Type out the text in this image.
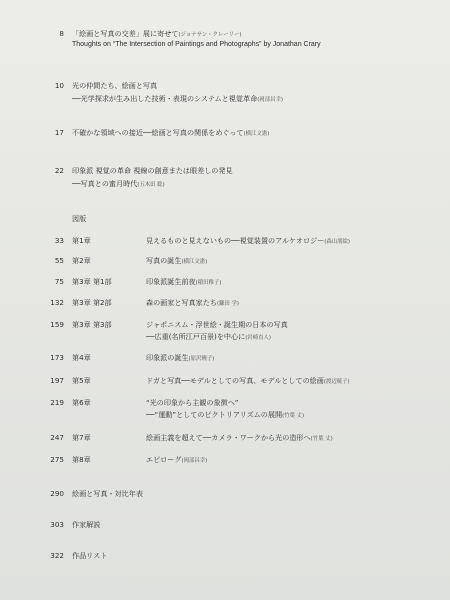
8 「絵画と写真の交差」展に寄せて(ジョナサン・クレーリー)
Thoughts on “The Intersection of Paintings and Photographs” by Jonathan Crary
10 光の仲間たち、絵画と写真
──光学探求が生み出した技術・表現のシステムと視覚革命(岡部昌幸)
17 不確かな領域への接近──絵画と写真の関係をめぐって(横江文憲)
22 印象派 視覚の革命 視線の創意または眼差しの発見
──写真との蜜月時代(五木田 聡)
図版
33 第1章	見えるものと見えないもの──視覚装置のアルケオロジー(森山朋絵)
55 第2章	写真の誕生(横江文憲)
75 第3章 第1部	印象派誕生前夜(稲田稚子)
132 第3章 第2部	森の画家と写真家たち(鎌田 学)
159 第3章 第3部	ジャポニスム・浮世絵・誕生期の日本の写真
──広重(名所江戸百景)を中心に(岩崎直人)
173 第4章	印象派の誕生(原沢曉子)
197 第5章	ドガと写真──モデルとしての写真、モデルとしての絵画(渡辺暁子)
219 第6章	“光の印象から主観の象徴へ”
──“運動”としてのピクトリアリズムの展開(竹葉 丈)
247 第7章	絵画主義を超えて──カメラ・ワークから光の造形へ(竹葉 丈)
275 第8章	エピローグ(岡部昌幸)
290 絵画と写真・対比年表
303 作家解説
322 作品リスト
